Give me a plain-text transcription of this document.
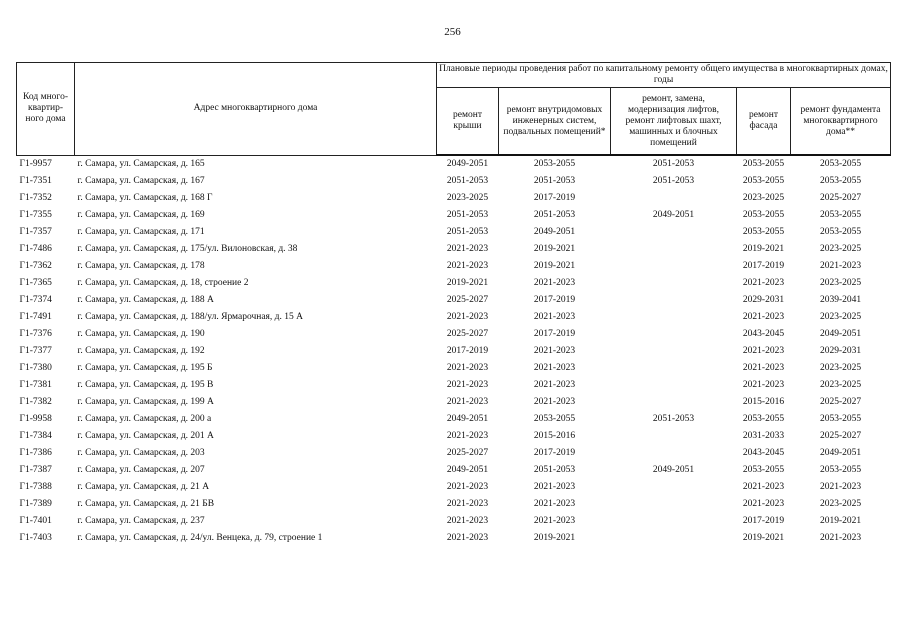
256
Код много-квартир-ного дома	Адрес многоквартирного дома	Плановые периоды проведения работ по капитальному ремонту общего имущества в многоквартирных домах, годы				
		ремонт крыши	ремонт внутридомовых инженерных систем, подвальных помещений*	ремонт, замена, модернизация лифтов, ремонт лифтовых шахт, машинных и блочных помещений	ремонт фасада	ремонт фундамента многоквартирного дома**
Г1-9957	г. Самара, ул. Самарская, д. 165	2049-2051	2053-2055	2051-2053	2053-2055	2053-2055
Г1-7351	г. Самара, ул. Самарская, д. 167	2051-2053	2051-2053	2051-2053	2053-2055	2053-2055
Г1-7352	г. Самара, ул. Самарская, д. 168 Г	2023-2025	2017-2019		2023-2025	2025-2027
Г1-7355	г. Самара, ул. Самарская, д. 169	2051-2053	2051-2053	2049-2051	2053-2055	2053-2055
Г1-7357	г. Самара, ул. Самарская, д. 171	2051-2053	2049-2051		2053-2055	2053-2055
Г1-7486	г. Самара, ул. Самарская, д. 175/ул. Вилоновская, д. 38	2021-2023	2019-2021		2019-2021	2023-2025
Г1-7362	г. Самара, ул. Самарская, д. 178	2021-2023	2019-2021		2017-2019	2021-2023
Г1-7365	г. Самара, ул. Самарская, д. 18, строение 2	2019-2021	2021-2023		2021-2023	2023-2025
Г1-7374	г. Самара, ул. Самарская, д. 188 А	2025-2027	2017-2019		2029-2031	2039-2041
Г1-7491	г. Самара, ул. Самарская, д. 188/ул. Ярмарочная, д. 15 А	2021-2023	2021-2023		2021-2023	2023-2025
Г1-7376	г. Самара, ул. Самарская, д. 190	2025-2027	2017-2019		2043-2045	2049-2051
Г1-7377	г. Самара, ул. Самарская, д. 192	2017-2019	2021-2023		2021-2023	2029-2031
Г1-7380	г. Самара, ул. Самарская, д. 195 Б	2021-2023	2021-2023		2021-2023	2023-2025
Г1-7381	г. Самара, ул. Самарская, д. 195 В	2021-2023	2021-2023		2021-2023	2023-2025
Г1-7382	г. Самара, ул. Самарская, д. 199 А	2021-2023	2021-2023		2015-2016	2025-2027
Г1-9958	г. Самара, ул. Самарская, д. 200 а	2049-2051	2053-2055	2051-2053	2053-2055	2053-2055
Г1-7384	г. Самара, ул. Самарская, д. 201 А	2021-2023	2015-2016		2031-2033	2025-2027
Г1-7386	г. Самара, ул. Самарская, д. 203	2025-2027	2017-2019		2043-2045	2049-2051
Г1-7387	г. Самара, ул. Самарская, д. 207	2049-2051	2051-2053	2049-2051	2053-2055	2053-2055
Г1-7388	г. Самара, ул. Самарская, д. 21 А	2021-2023	2021-2023		2021-2023	2021-2023
Г1-7389	г. Самара, ул. Самарская, д. 21 БВ	2021-2023	2021-2023		2021-2023	2023-2025
Г1-7401	г. Самара, ул. Самарская, д. 237	2021-2023	2021-2023		2017-2019	2019-2021
Г1-7403	г. Самара, ул. Самарская, д. 24/ул. Венцека, д. 79, строение 1	2021-2023	2019-2021		2019-2021	2021-2023
